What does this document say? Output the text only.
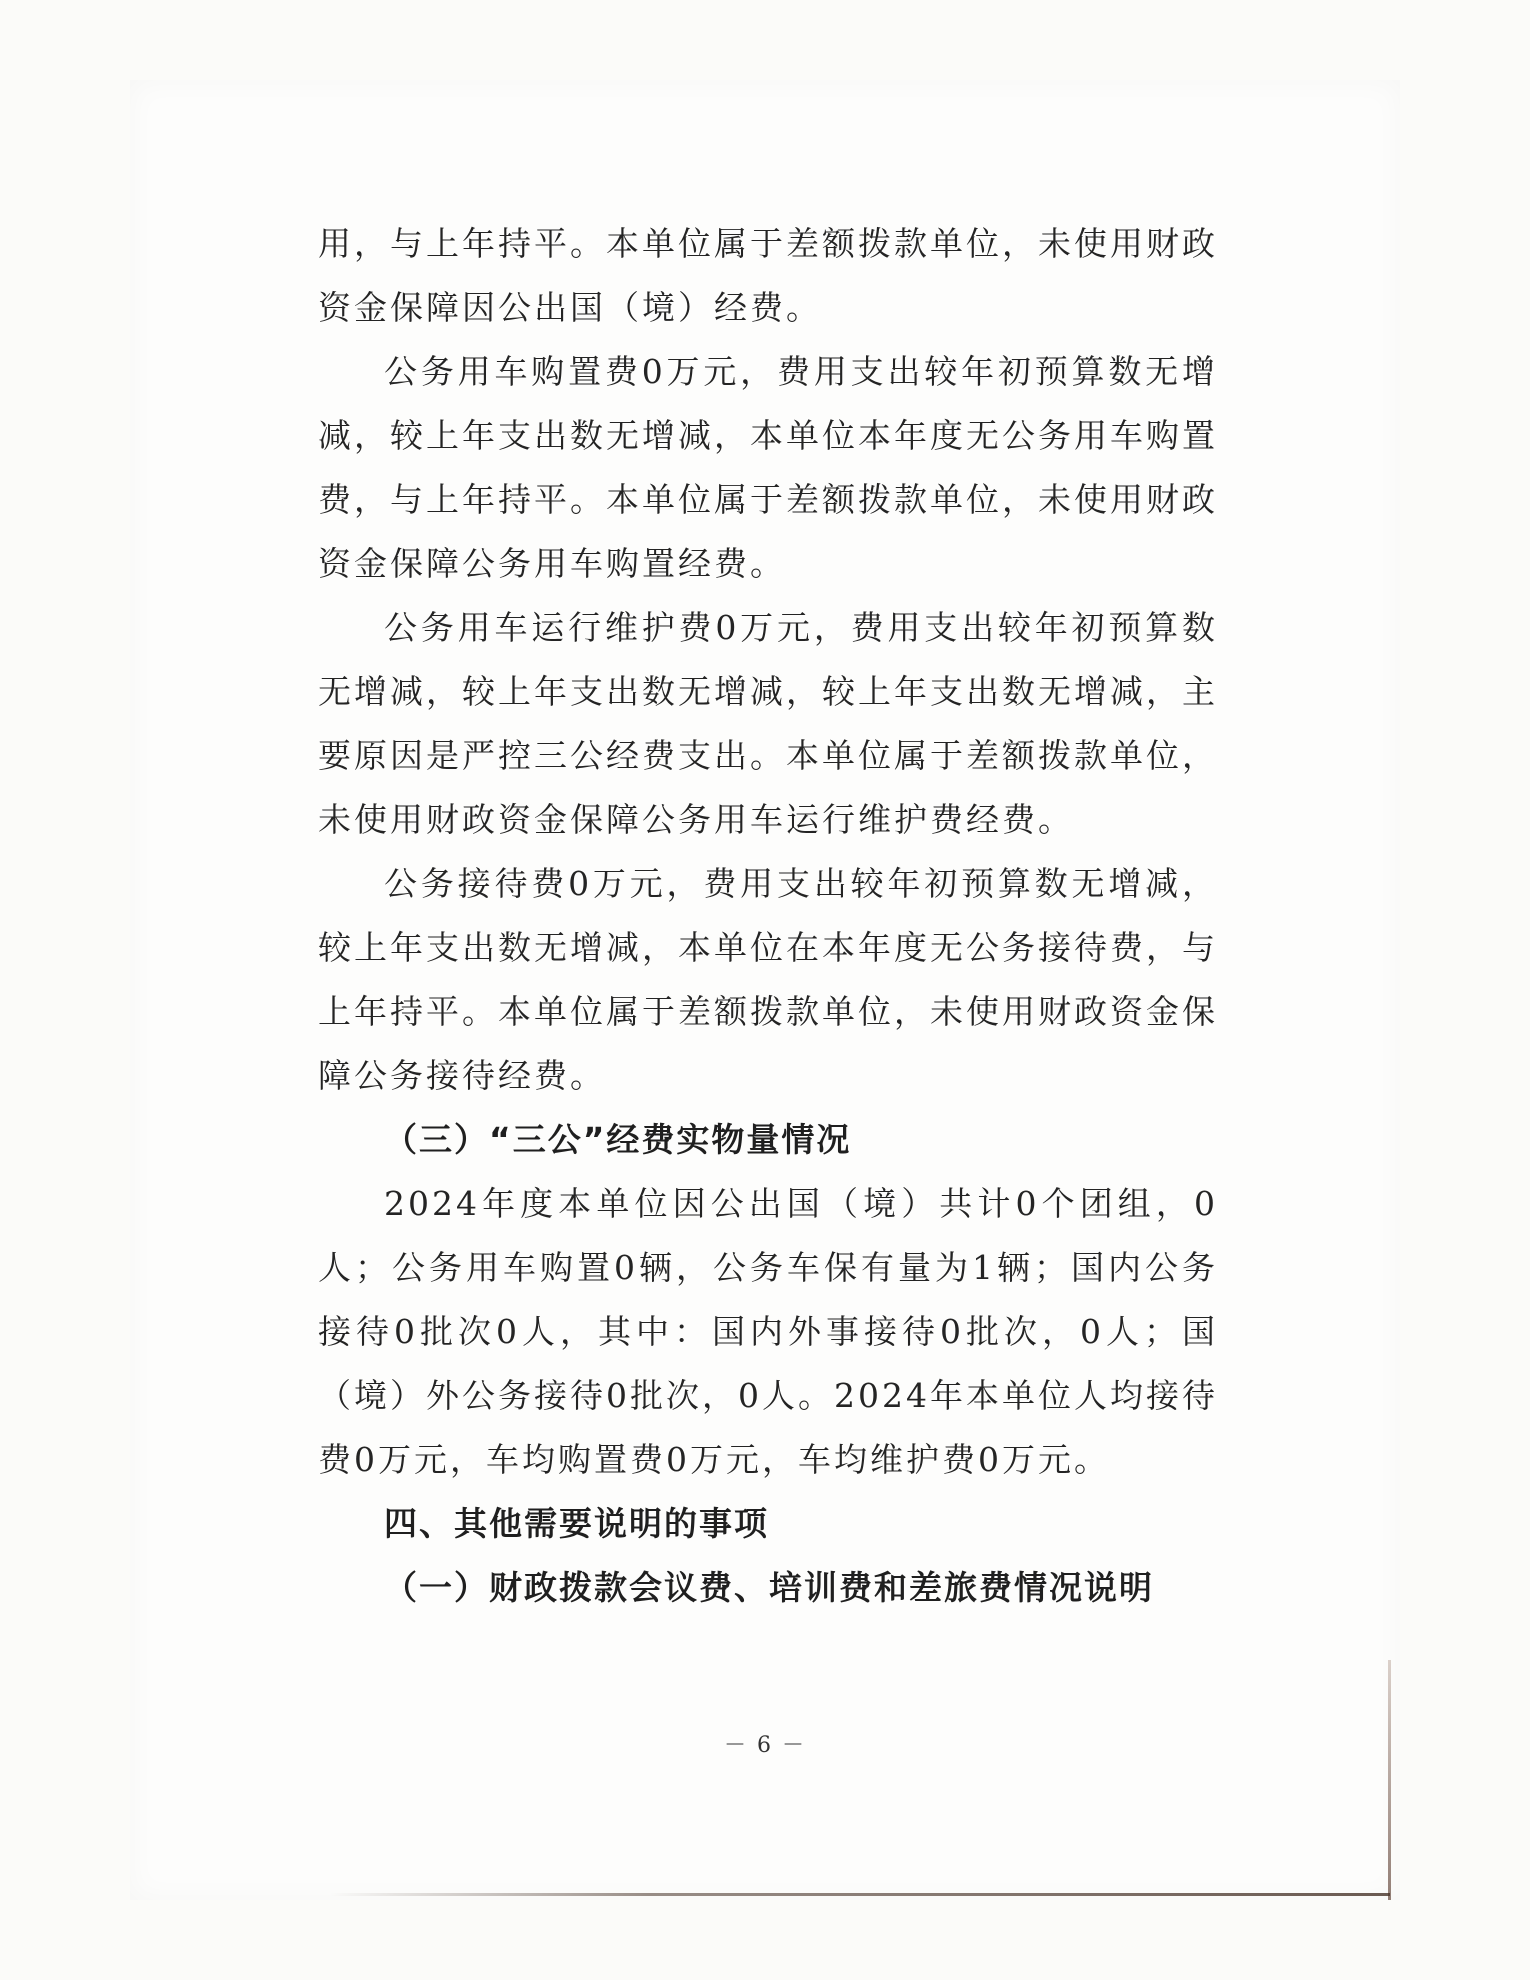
用，与上年持平。本单位属于差额拨款单位，未使用财政资金保障因公出国（境）经费。

公务用车购置费0万元，费用支出较年初预算数无增减，较上年支出数无增减，本单位本年度无公务用车购置费，与上年持平。本单位属于差额拨款单位，未使用财政资金保障公务用车购置经费。

公务用车运行维护费0万元，费用支出较年初预算数无增减，较上年支出数无增减，较上年支出数无增减，主要原因是严控三公经费支出。本单位属于差额拨款单位，未使用财政资金保障公务用车运行维护费经费。

公务接待费0万元，费用支出较年初预算数无增减，较上年支出数无增减，本单位在本年度无公务接待费，与上年持平。本单位属于差额拨款单位，未使用财政资金保障公务接待经费。

（三）“三公”经费实物量情况

2024年度本单位因公出国（境）共计0个团组，0人；公务用车购置0辆，公务车保有量为1辆；国内公务接待0批次0人，其中：国内外事接待0批次，0人；国（境）外公务接待0批次，0人。2024年本单位人均接待费0万元，车均购置费0万元，车均维护费0万元。

四、其他需要说明的事项

（一）财政拨款会议费、培训费和差旅费情况说明

－ 6 －
